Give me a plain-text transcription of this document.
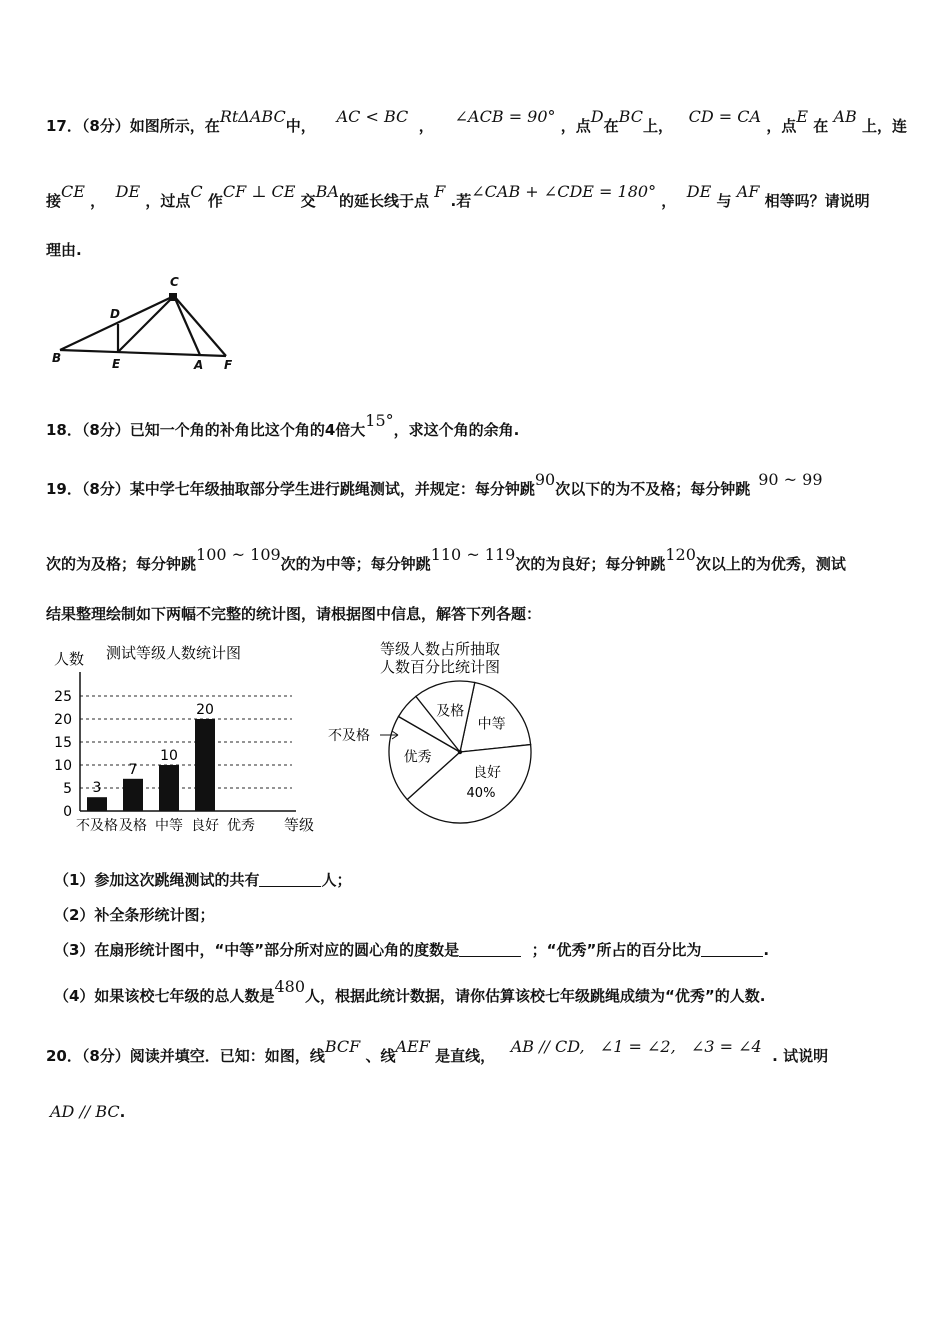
17．（8分）如图所示，在RtΔABC中， AC < BC ， ∠ACB = 90° ，点D在BC上， CD = CA ，点E 在 AB 上，连
接CE ， DE ，过点C 作CF ⊥ CE 交BA的延长线于点 F .若∠CAB + ∠CDE = 180° ， DE 与 AF 相等吗？请说明
理由.
C
D
B	E	A F
18．（8分）已知一个角的补角比这个角的4倍大15°，求这个角的余角.
19．（8分）某中学七年级抽取部分学生进行跳绳测试，并规定：每分钟跳90次以下的为不及格；每分钟跳 90 ~ 99
次的为及格；每分钟跳100 ~ 109次的为中等；每分钟跳110 ~ 119次的为良好；每分钟跳120次以上的为优秀，测试
结果整理绘制如下两幅不完整的统计图，请根据图中信息，解答下列各题：
测试等级人数统计图
人数
0
5
10
15
20
25
3
7
10
20
不及格 及格 中等 良好 优秀 等级
等级人数占所抽取
人数百分比统计图
中等
良好
40%
优秀
不及格
及格
（1）参加这次跳绳测试的共有	人；
（2）补全条形统计图；
（3）在扇形统计图中，“中等”部分所对应的圆心角的度数是	；“优秀”所占的百分比为	.
（4）如果该校七年级的总人数是480人，根据此统计数据，请你估算该校七年级跳绳成绩为“优秀”的人数.
20．（8分）阅读并填空．已知：如图，线BCF 、线AEF 是直线， AB // CD,   ∠1 = ∠2,   ∠3 = ∠4 . 试说明
AD // BC.
